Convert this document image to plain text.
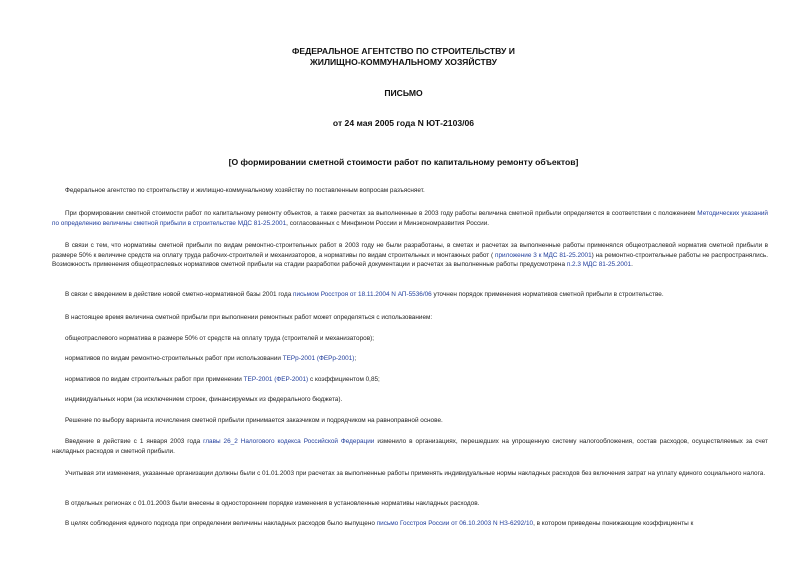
ФЕДЕРАЛЬНОЕ АГЕНТСТВО ПО СТРОИТЕЛЬСТВУ И
ЖИЛИЩНО-КОММУНАЛЬНОМУ ХОЗЯЙСТВУ
ПИСЬМО
от 24 мая 2005 года N ЮТ-2103/06
[О формировании сметной стоимости работ по капитальному ремонту объектов]
Федеральное агентство по строительству и жилищно-коммунальному хозяйству по поставленным вопросам разъясняет.
При формировании сметной стоимости работ по капитальному ремонту объектов, а также расчетах за выполненные в 2003 году работы величина сметной прибыли определяется в соответствии с положением Методических указаний по определению величины сметной прибыли в строительстве МДС 81-25.2001, согласованных с Минфином России и Минэкономразвития России.
В связи с тем, что нормативы сметной прибыли по видам ремонтно-строительных работ в 2003 году не были разработаны, в сметах и расчетах за выполненные работы применялся общеотраслевой норматив сметной прибыли в размере 50% к величине средств на оплату труда рабочих-строителей и механизаторов, а нормативы по видам строительных и монтажных работ ( приложение 3 к МДС 81-25.2001) на ремонтно-строительные работы не распространялись. Возможность применения общеотраслевых нормативов сметной прибыли на стадии разработки рабочей документации и расчетах за выполненные работы предусмотрена п.2.3 МДС 81-25.2001.
В связи с введением в действие новой сметно-нормативной базы 2001 года письмом Росстроя от 18.11.2004 N АП-5536/06 уточнен порядок применения нормативов сметной прибыли в строительстве.
В настоящее время величина сметной прибыли при выполнении ремонтных работ может определяться с использованием:
общеотраслевого норматива в размере 50% от средств на оплату труда (строителей и механизаторов);
нормативов по видам ремонтно-строительных работ при использовании ТЕРр-2001 (ФЕРр-2001);
нормативов по видам строительных работ при применении ТЕР-2001 (ФЕР-2001) с коэффициентом 0,85;
индивидуальных норм (за исключением строек, финансируемых из федерального бюджета).
Решение по выбору варианта исчисления сметной прибыли принимается заказчиком и подрядчиком на равноправной основе.
Введение в действие с 1 января 2003 года главы 26_2 Налогового кодекса Российской Федерации изменило в организациях, перешедших на упрощенную систему налогообложения, состав расходов, осуществляемых за счет накладных расходов и сметной прибыли.
Учитывая эти изменения, указанные организации должны были с 01.01.2003 при расчетах за выполненные работы применять индивидуальные нормы накладных расходов без включения затрат на уплату единого социального налога.
В отдельных регионах с 01.01.2003 были внесены в одностороннем порядке изменения в установленные нормативы накладных расходов.
В целях соблюдения единого подхода при определении величины накладных расходов было выпущено письмо Госстроя России от 06.10.2003 N НЗ-6292/10, в котором приведены понижающие коэффициенты к
